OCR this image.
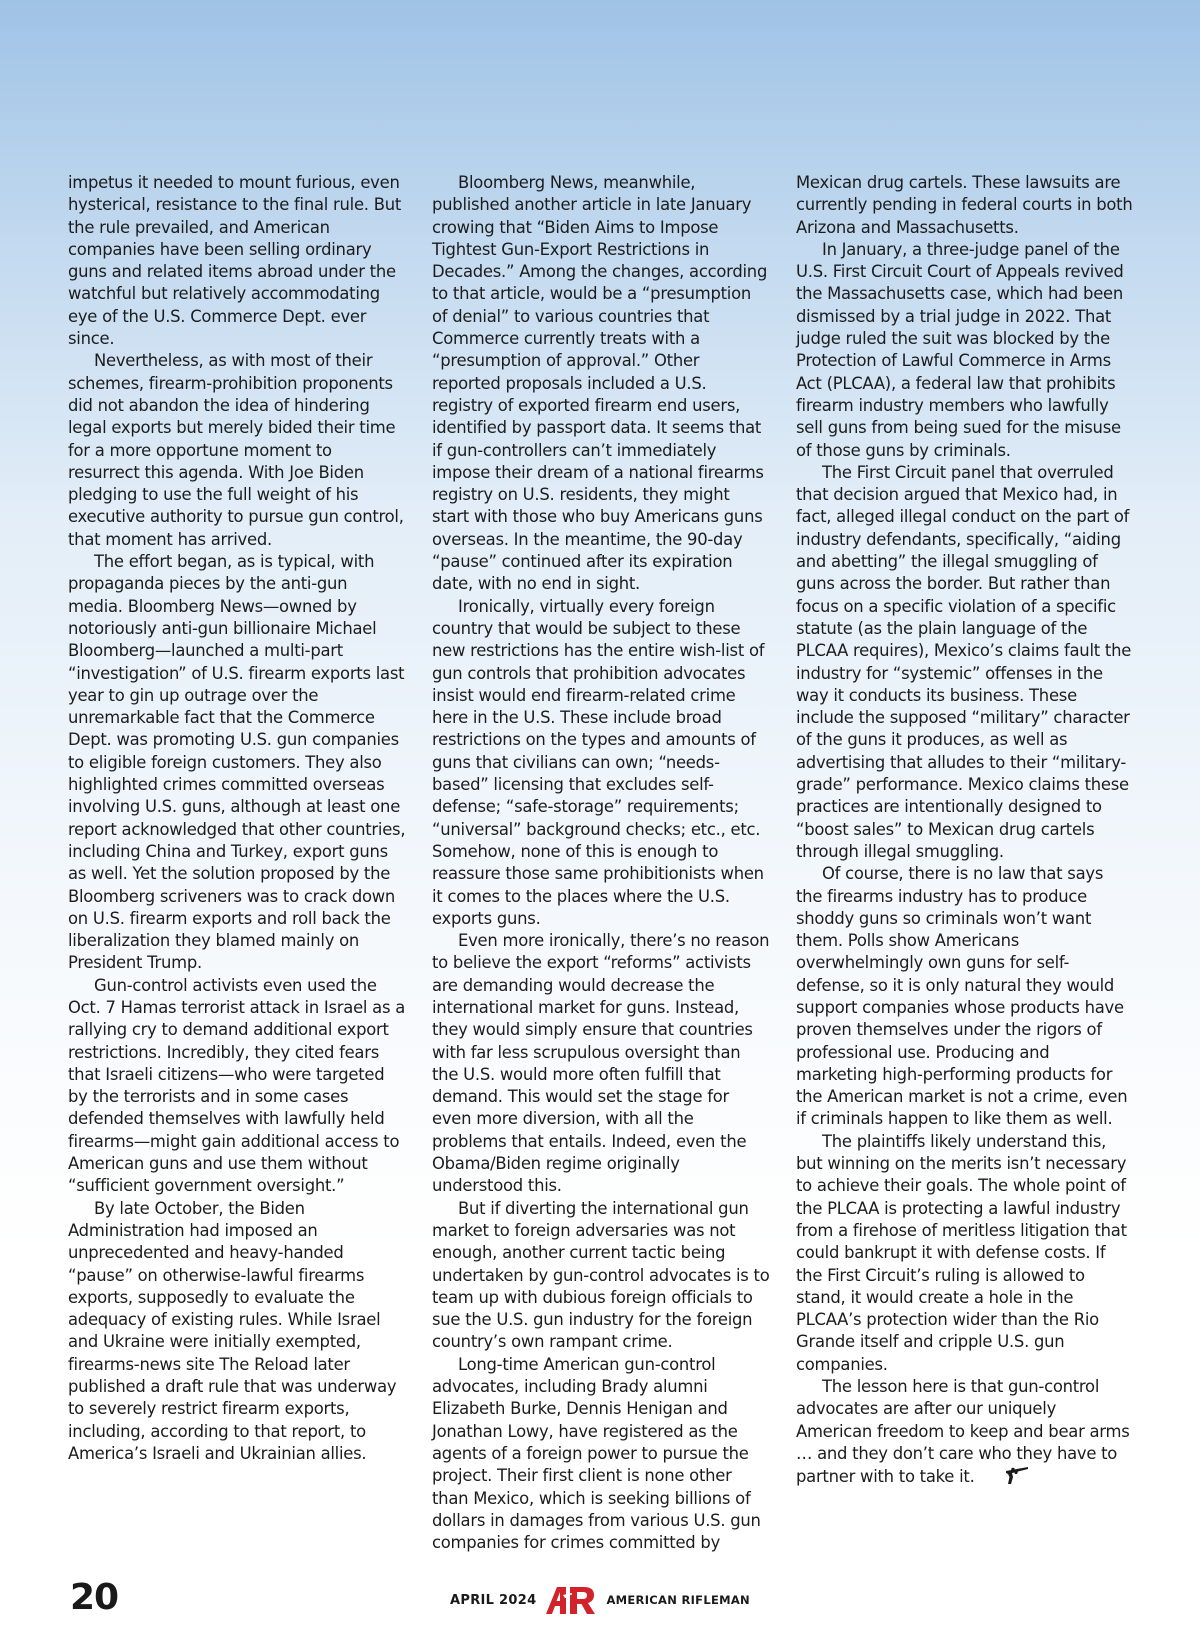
impetus it needed to mount furious, even hysterical, resistance to the final rule. But the rule prevailed, and American companies have been selling ordinary guns and related items abroad under the watchful but relatively accommodating eye of the U.S. Commerce Dept. ever since.

Nevertheless, as with most of their schemes, firearm-prohibition proponents did not abandon the idea of hindering legal exports but merely bided their time for a more opportune moment to resurrect this agenda. With Joe Biden pledging to use the full weight of his executive authority to pursue gun control, that moment has arrived.

The effort began, as is typical, with propaganda pieces by the anti-gun media. Bloomberg News—owned by notoriously anti-gun billionaire Michael Bloomberg—launched a multi-part “investigation” of U.S. firearm exports last year to gin up outrage over the unremarkable fact that the Commerce Dept. was promoting U.S. gun companies to eligible foreign customers. They also highlighted crimes committed overseas involving U.S. guns, although at least one report acknowledged that other countries, including China and Turkey, export guns as well. Yet the solution proposed by the Bloomberg scriveners was to crack down on U.S. firearm exports and roll back the liberalization they blamed mainly on President Trump.

Gun-control activists even used the Oct. 7 Hamas terrorist attack in Israel as a rallying cry to demand additional export restrictions. Incredibly, they cited fears that Israeli citizens—who were targeted by the terrorists and in some cases defended themselves with lawfully held firearms—might gain additional access to American guns and use them without “sufficient government oversight.”

By late October, the Biden Administration had imposed an unprecedented and heavy-handed “pause” on otherwise-lawful firearms exports, supposedly to evaluate the adequacy of existing rules. While Israel and Ukraine were initially exempted, firearms-news site The Reload later published a draft rule that was underway to severely restrict firearm exports, including, according to that report, to America’s Israeli and Ukrainian allies.

Bloomberg News, meanwhile, published another article in late January crowing that “Biden Aims to Impose Tightest Gun-Export Restrictions in Decades.” Among the changes, according to that article, would be a “presumption of denial” to various countries that Commerce currently treats with a “presumption of approval.” Other reported proposals included a U.S. registry of exported firearm end users, identified by passport data. It seems that if gun-controllers can’t immediately impose their dream of a national firearms registry on U.S. residents, they might start with those who buy Americans guns overseas. In the meantime, the 90-day “pause” continued after its expiration date, with no end in sight.

Ironically, virtually every foreign country that would be subject to these new restrictions has the entire wish-list of gun controls that prohibition advocates insist would end firearm-related crime here in the U.S. These include broad restrictions on the types and amounts of guns that civilians can own; “needs-based” licensing that excludes self-defense; “safe-storage” requirements; “universal” background checks; etc., etc. Somehow, none of this is enough to reassure those same prohibitionists when it comes to the places where the U.S. exports guns.

Even more ironically, there’s no reason to believe the export “reforms” activists are demanding would decrease the international market for guns. Instead, they would simply ensure that countries with far less scrupulous oversight than the U.S. would more often fulfill that demand. This would set the stage for even more diversion, with all the problems that entails. Indeed, even the Obama/Biden regime originally understood this.

But if diverting the international gun market to foreign adversaries was not enough, another current tactic being undertaken by gun-control advocates is to team up with dubious foreign officials to sue the U.S. gun industry for the foreign country’s own rampant crime.

Long-time American gun-control advocates, including Brady alumni Elizabeth Burke, Dennis Henigan and Jonathan Lowy, have registered as the agents of a foreign power to pursue the project. Their first client is none other than Mexico, which is seeking billions of dollars in damages from various U.S. gun companies for crimes committed by

Mexican drug cartels. These lawsuits are currently pending in federal courts in both Arizona and Massachusetts.

In January, a three-judge panel of the U.S. First Circuit Court of Appeals revived the Massachusetts case, which had been dismissed by a trial judge in 2022. That judge ruled the suit was blocked by the Protection of Lawful Commerce in Arms Act (PLCAA), a federal law that prohibits firearm industry members who lawfully sell guns from being sued for the misuse of those guns by criminals.

The First Circuit panel that overruled that decision argued that Mexico had, in fact, alleged illegal conduct on the part of industry defendants, specifically, “aiding and abetting” the illegal smuggling of guns across the border. But rather than focus on a specific violation of a specific statute (as the plain language of the PLCAA requires), Mexico’s claims fault the industry for “systemic” offenses in the way it conducts its business. These include the supposed “military” character of the guns it produces, as well as advertising that alludes to their “military-grade” performance. Mexico claims these practices are intentionally designed to “boost sales” to Mexican drug cartels through illegal smuggling.

Of course, there is no law that says the firearms industry has to produce shoddy guns so criminals won’t want them. Polls show Americans overwhelmingly own guns for self-defense, so it is only natural they would support companies whose products have proven themselves under the rigors of professional use. Producing and marketing high-performing products for the American market is not a crime, even if criminals happen to like them as well.

The plaintiffs likely understand this, but winning on the merits isn’t necessary to achieve their goals. The whole point of the PLCAA is protecting a lawful industry from a firehose of meritless litigation that could bankrupt it with defense costs. If the First Circuit’s ruling is allowed to stand, it would create a hole in the PLCAA’s protection wider than the Rio Grande itself and cripple U.S. gun companies.

The lesson here is that gun-control advocates are after our uniquely American freedom to keep and bear arms … and they don’t care who they have to partner with to take it.

20	APRIL 2024	AMERICAN RIFLEMAN
